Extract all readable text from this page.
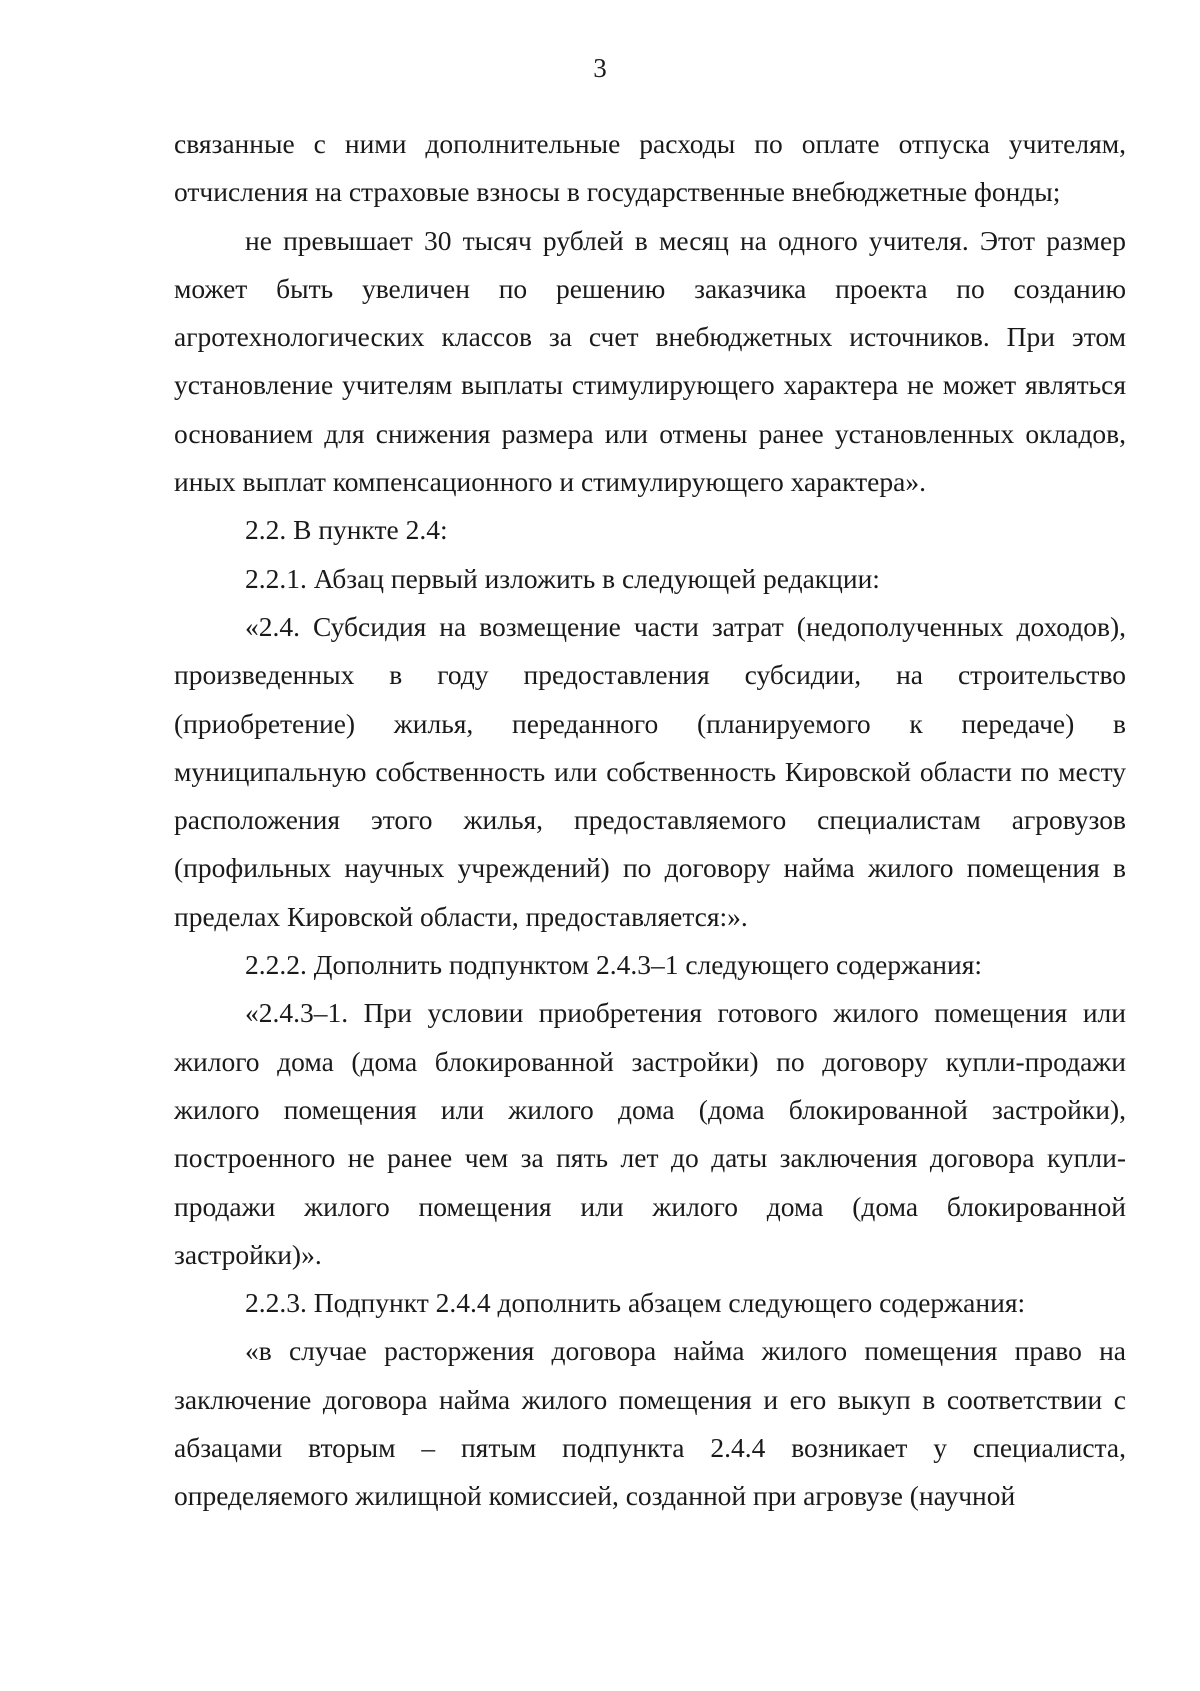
3

связанные с ними дополнительные расходы по оплате отпуска учителям, отчисления на страховые взносы в государственные внебюджетные фонды;

не превышает 30 тысяч рублей в месяц на одного учителя. Этот размер может быть увеличен по решению заказчика проекта по созданию агротехнологических классов за счет внебюджетных источников. При этом установление учителям выплаты стимулирующего характера не может являться основанием для снижения размера или отмены ранее установленных окладов, иных выплат компенсационного и стимулирующего характера».

2.2. В пункте 2.4:

2.2.1. Абзац первый изложить в следующей редакции:

«2.4. Субсидия на возмещение части затрат (недополученных доходов), произведенных в году предоставления субсидии, на строительство (приобретение) жилья, переданного (планируемого к передаче) в муниципальную собственность или собственность Кировской области по месту расположения этого жилья, предоставляемого специалистам агровузов (профильных научных учреждений) по договору найма жилого помещения в пределах Кировской области, предоставляется:».

2.2.2. Дополнить подпунктом 2.4.3–1 следующего содержания:

«2.4.3–1. При условии приобретения готового жилого помещения или жилого дома (дома блокированной застройки) по договору купли-продажи жилого помещения или жилого дома (дома блокированной застройки), построенного не ранее чем за пять лет до даты заключения договора купли-продажи жилого помещения или жилого дома (дома блокированной застройки)».

2.2.3. Подпункт 2.4.4 дополнить абзацем следующего содержания:

«в случае расторжения договора найма жилого помещения право на заключение договора найма жилого помещения и его выкуп в соответствии с абзацами вторым – пятым подпункта 2.4.4 возникает у специалиста, определяемого жилищной комиссией, созданной при агровузе (научной
